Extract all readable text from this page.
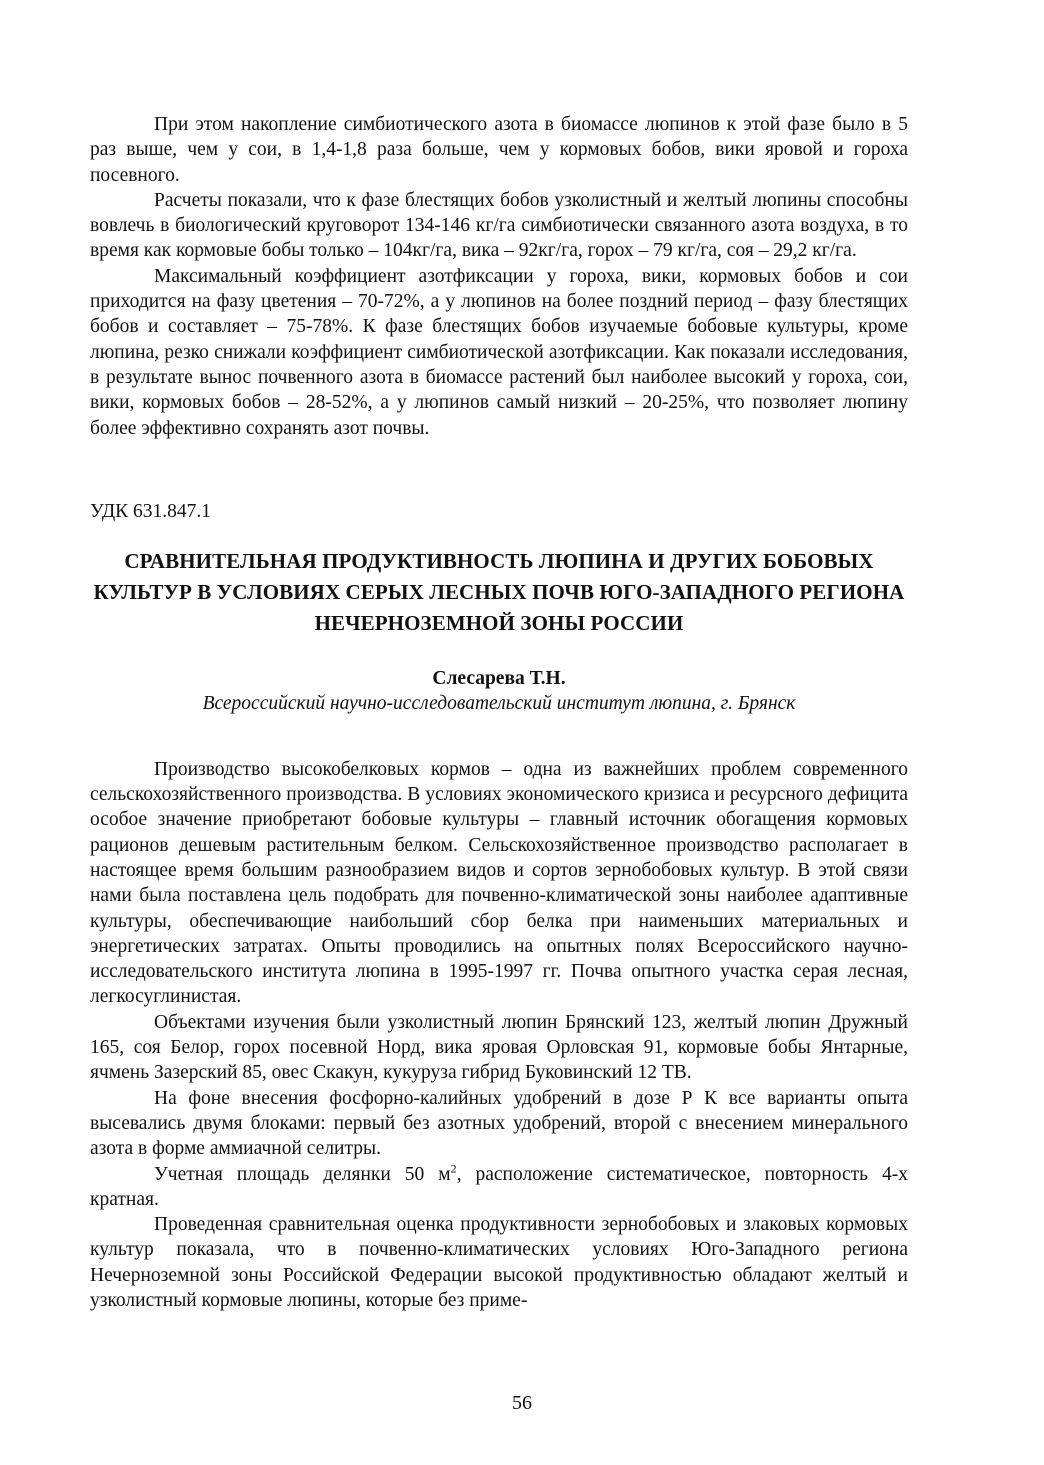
При этом накопление симбиотического азота в биомассе люпинов к этой фазе было в 5 раз выше, чем у сои, в 1,4-1,8 раза больше, чем у кормовых бобов, вики яровой и гороха посевного.

Расчеты показали, что к фазе блестящих бобов узколистный и желтый люпины способны вовлечь в биологический круговорот 134-146 кг/га симбиотически связанного азота воздуха, в то время как кормовые бобы только – 104кг/га, вика – 92кг/га, горох – 79 кг/га, соя – 29,2 кг/га.

Максимальный коэффициент азотфиксации у гороха, вики, кормовых бобов и сои приходится на фазу цветения – 70-72%, а у люпинов на более поздний период – фазу блестящих бобов и составляет – 75-78%. К фазе блестящих бобов изучаемые бобовые культуры, кроме люпина, резко снижали коэффициент симбиотической азотфиксации. Как показали исследования, в результате вынос почвенного азота в биомассе растений был наиболее высокий у гороха, сои, вики, кормовых бобов – 28-52%, а у люпинов самый низкий – 20-25%, что позволяет люпину более эффективно сохранять азот почвы.

УДК 631.847.1

СРАВНИТЕЛЬНАЯ ПРОДУКТИВНОСТЬ ЛЮПИНА И ДРУГИХ БОБОВЫХ КУЛЬТУР В УСЛОВИЯХ СЕРЫХ ЛЕСНЫХ ПОЧВ ЮГО-ЗАПАДНОГО РЕГИОНА НЕЧЕРНОЗЕМНОЙ ЗОНЫ РОССИИ

Слесарева Т.Н.

Всероссийский научно-исследовательский институт люпина, г. Брянск

Производство высокобелковых кормов – одна из важнейших проблем современного сельскохозяйственного производства. В условиях экономического кризиса и ресурсного дефицита особое значение приобретают бобовые культуры – главный источник обогащения кормовых рационов дешевым растительным белком. Сельскохозяйственное производство располагает в настоящее время большим разнообразием видов и сортов зернобобовых культур. В этой связи нами была поставлена цель подобрать для почвенно-климатической зоны наиболее адаптивные культуры, обеспечивающие наибольший сбор белка при наименьших материальных и энергетических затратах. Опыты проводились на опытных полях Всероссийского научно-исследовательского института люпина в 1995-1997 гг. Почва опытного участка серая лесная, легкосуглинистая.

Объектами изучения были узколистный люпин Брянский 123, желтый люпин Дружный 165, соя Белор, горох посевной Норд, вика яровая Орловская 91, кормовые бобы Янтарные, ячмень Зазерский 85, овес Скакун, кукуруза гибрид Буковинский 12 ТВ.

На фоне внесения фосфорно-калийных удобрений в дозе Р К все варианты опыта высевались двумя блоками: первый без азотных удобрений, второй с внесением минерального азота в форме аммиачной селитры.

Учетная площадь делянки 50 $м^2$, расположение систематическое, повторность 4-х кратная.

Проведенная сравнительная оценка продуктивности зернобобовых и злаковых кормовых культур показала, что в почвенно-климатических условиях Юго-Западного региона Нечерноземной зоны Российской Федерации высокой продуктивностью обладают желтый и узколистный кормовые люпины, которые без приме-

56
